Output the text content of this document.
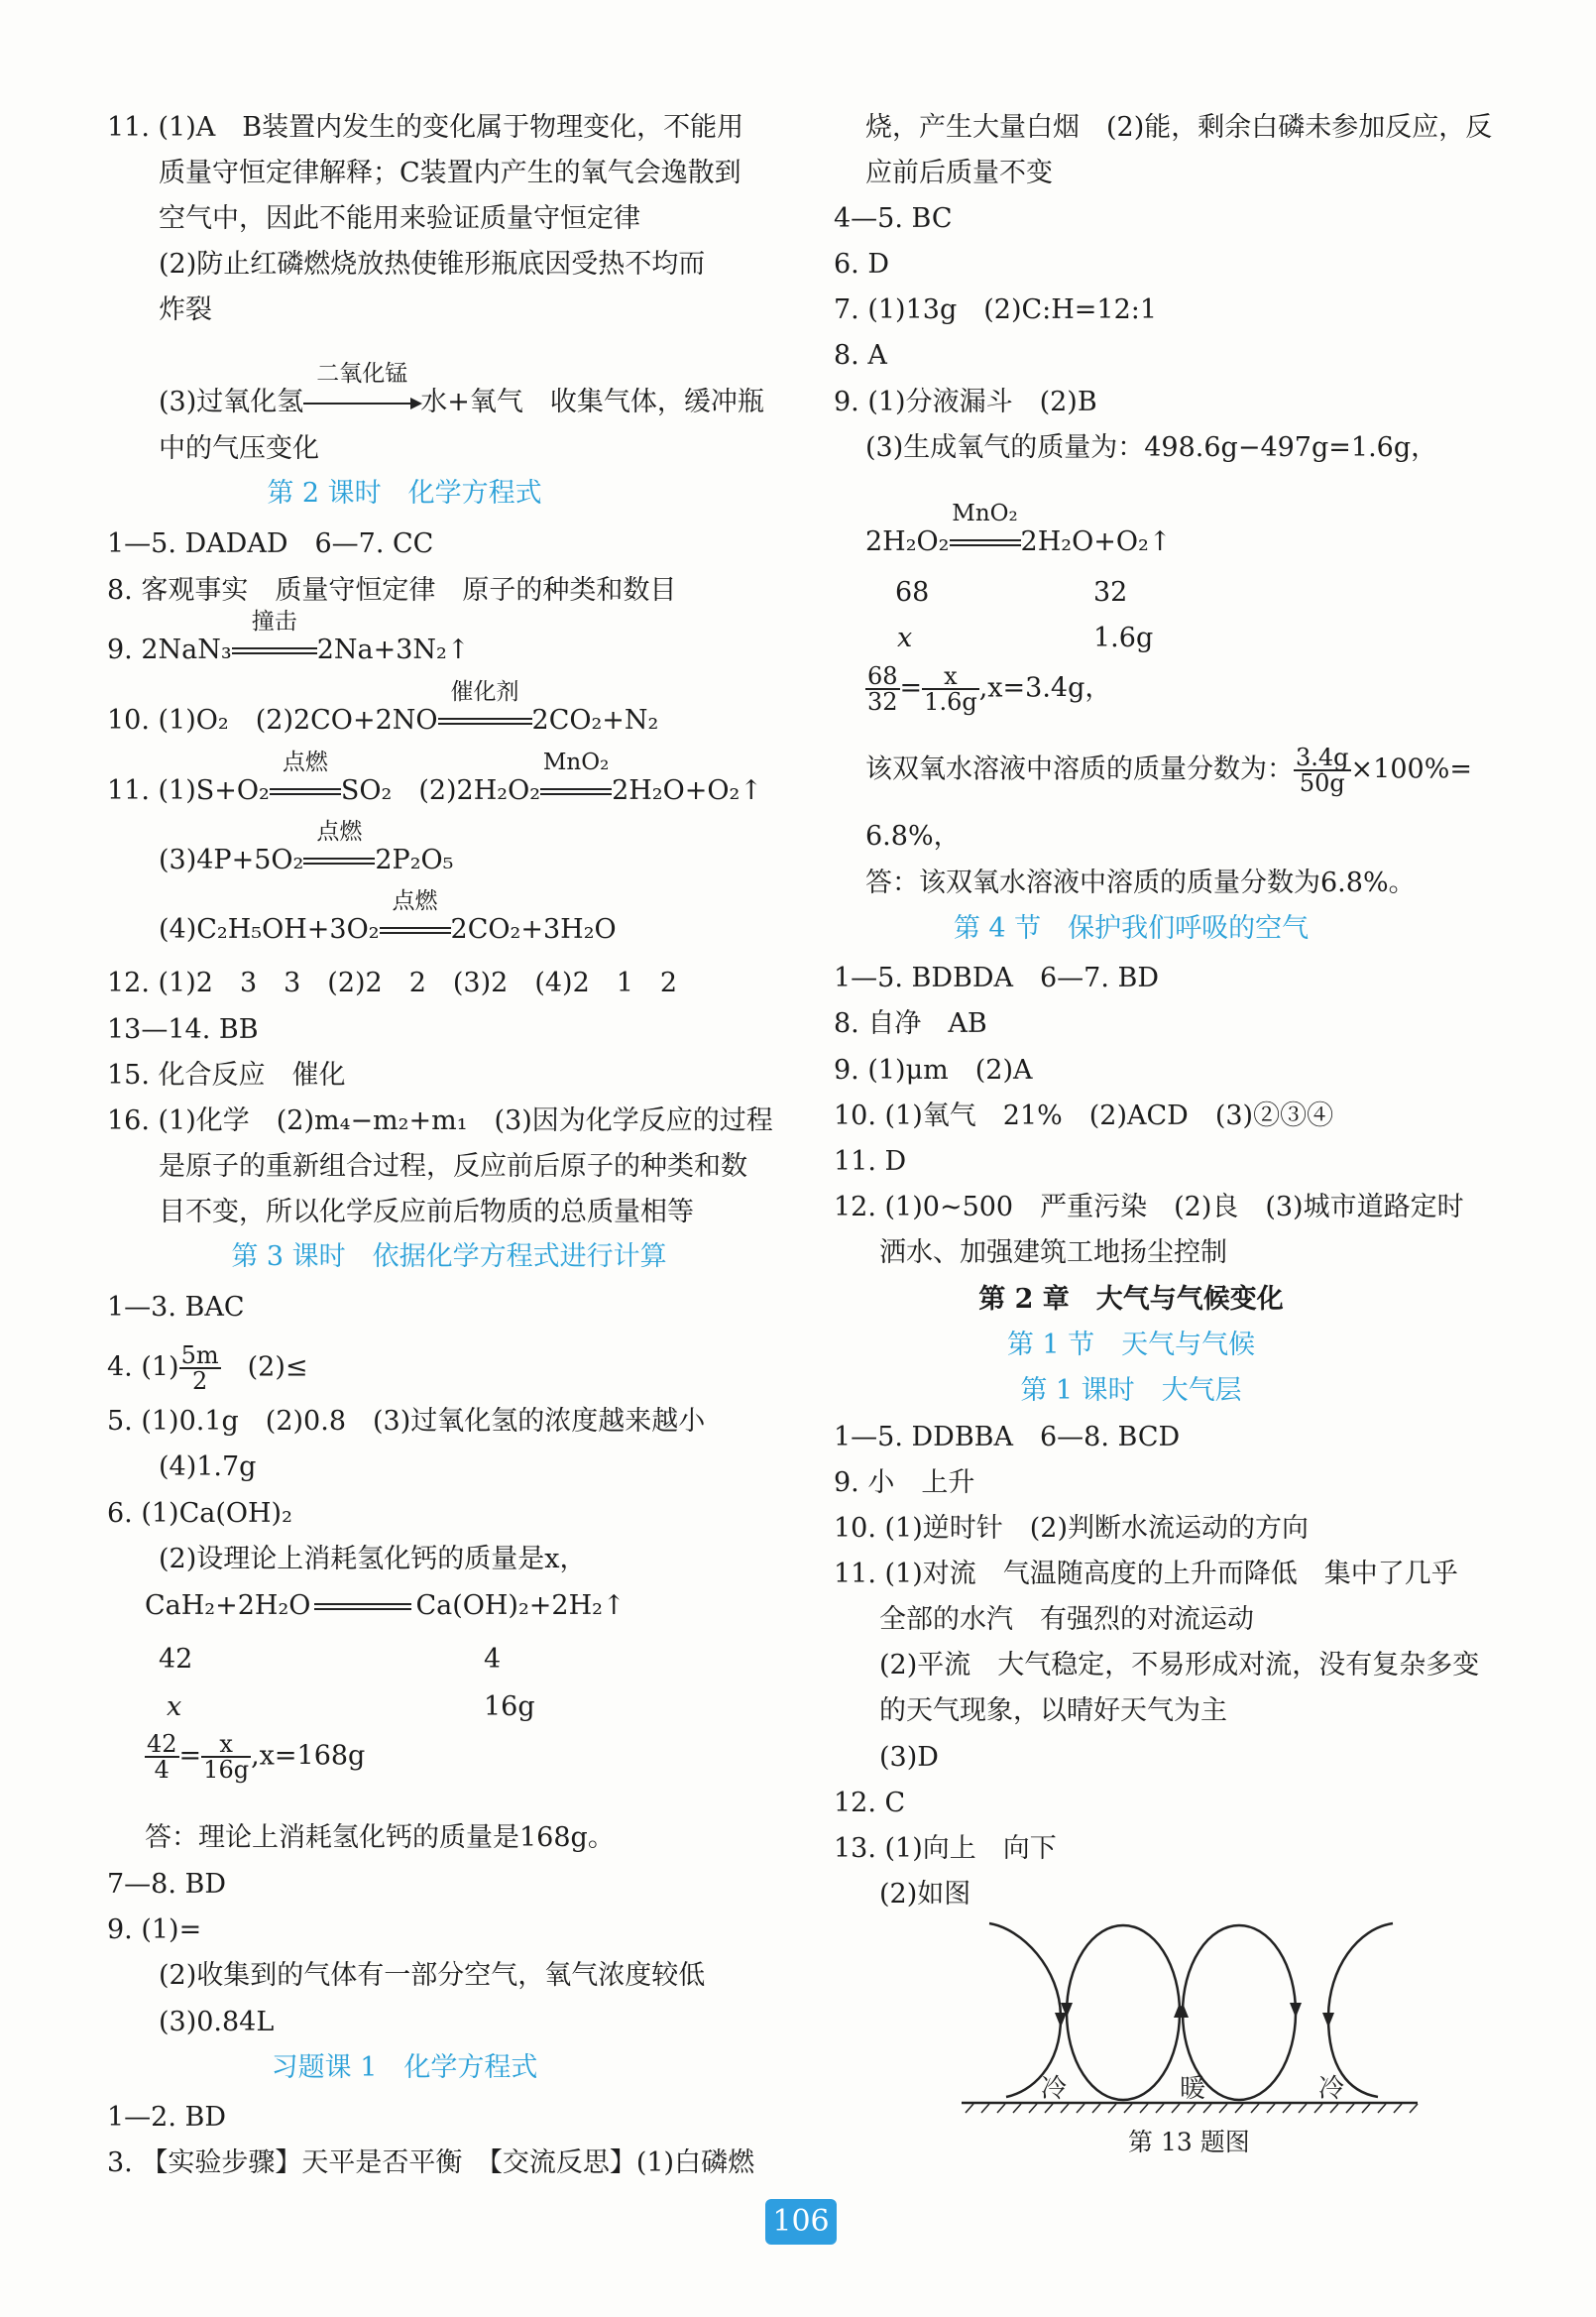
11. (1)A　B装置内发生的变化属于物理变化，不能用
质量守恒定律解释；C装置内产生的氧气会逸散到
空气中，因此不能用来验证质量守恒定律
(2)防止红磷燃烧放热使锥形瓶底因受热不均而
炸裂
(3)过氧化氢
二氧化锰
水+氧气　收集气体，缓冲瓶
中的气压变化
第 2 课时　化学方程式
1—5. DADAD　6—7. CC
8. 客观事实　质量守恒定律　原子的种类和数目
9. 2NaN₃
撞击
2Na+3N₂↑
10. (1)O₂　(2)2CO+2NO
催化剂
2CO₂+N₂
11. (1)S+O₂
点燃
SO₂　(2)2H₂O₂
MnO₂
2H₂O+O₂↑
(3)4P+5O₂
点燃
2P₂O₅
(4)C₂H₅OH+3O₂
点燃
2CO₂+3H₂O
12. (1)2　3　3　(2)2　2　(3)2　(4)2　1　2
13—14. BB
15. 化合反应　催化
16. (1)化学　(2)m₄−m₂+m₁　(3)因为化学反应的过程
是原子的重新组合过程，反应前后原子的种类和数
目不变，所以化学反应前后物质的总质量相等
第 3 课时　依据化学方程式进行计算
1—3. BAC
4. $(1) \frac{5m}{2}$ 　(2)≤
5. (1)0.1g　(2)0.8　(3)过氧化氢的浓度越来越小
(4)1.7g
6. (1)Ca(OH)₂
(2)设理论上消耗氢化钙的质量是x，
CaH₂+2H₂O	Ca(OH)₂+2H₂↑
42	4
x	16g
$\frac{42}{4} = \frac{x}{16g} ,x=168g$
答：理论上消耗氢化钙的质量是168g。
7—8. BD
9. (1)=
(2)收集到的气体有一部分空气，氧气浓度较低
(3)0.84L
习题课 1　化学方程式
1—2. BD
3. 【实验步骤】天平是否平衡　【交流反思】(1)白磷燃
烧，产生大量白烟　(2)能，剩余白磷未参加反应，反
应前后质量不变
4—5. BC
6. D
7. (1)13g　(2)C:H=12:1
8. A
9. (1)分液漏斗　(2)B
(3)生成氧气的质量为：498.6g−497g=1.6g，
2H₂O₂
MnO₂
2H₂O+O₂↑
68	32
x	1.6g
$\frac{68}{32} = \frac{x}{1.6g} ,x=3.4g$，
该双氧水溶液中溶质的质量分数为： $\frac{3.4g}{50g} \times 100\%=$
6.8%，
答：该双氧水溶液中溶质的质量分数为6.8%。
第 4 节　保护我们呼吸的空气
1—5. BDBDA　6—7. BD
8. 自净　AB
9. (1)μm　(2)A
10. (1)氧气　21%　(2)ACD　(3)②③④
11. D
12. (1)0~500　严重污染　(2)良　(3)城市道路定时
洒水、加强建筑工地扬尘控制
第 2 章　大气与气候变化
第 1 节　天气与气候
第 1 课时　大气层
1—5. DDBBA　6—8. BCD
9. 小　上升
10. (1)逆时针　(2)判断水流运动的方向
11. (1)对流　气温随高度的上升而降低　集中了几乎
全部的水汽　有强烈的对流运动
(2)平流　大气稳定，不易形成对流，没有复杂多变
的天气现象，以晴好天气为主
(3)D
12. C
13. (1)向上　向下
(2)如图
冷	暖	冷
第 13 题图
106
